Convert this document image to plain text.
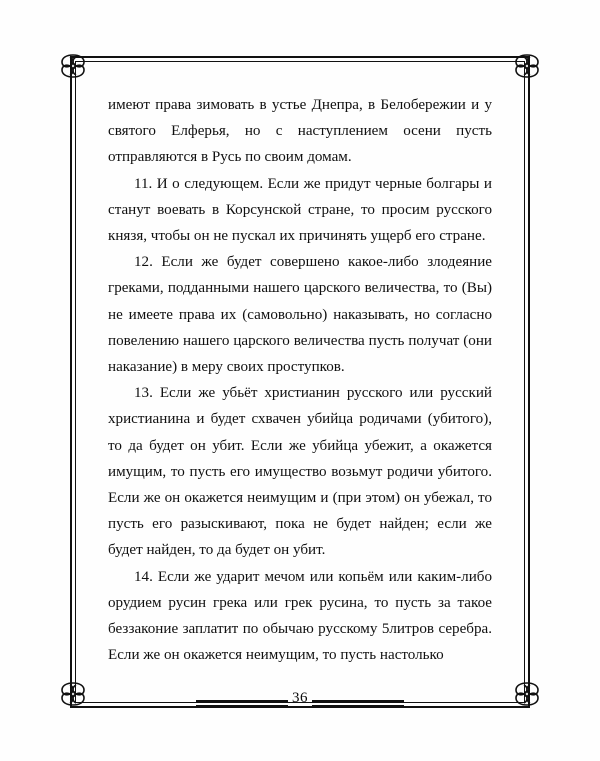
36

имеют права зимовать в устье Днепра, в Белобережии и у святого Елферья, но с наступлением осени пусть отправляются в Русь по своим домам.

11. И о следующем. Если же придут черные болгары и станут воевать в Корсунской стране, то просим русского князя, чтобы он не пускал их причинять ущерб его стране.

12. Если же будет совершено какое-либо злодеяние греками, подданными нашего царского величества, то (Вы) не имеете права их (самовольно) наказывать, но согласно повелению нашего царского величества пусть получат (они наказание) в меру своих проступков.

13. Если же убьёт христианин русского или русский христианина и будет схвачен убийца родичами (убитого), то да будет он убит. Если же убийца убежит, а окажется имущим, то пусть его имущество возьмут родичи убитого. Если же он окажется неимущим и (при этом) он убежал, то пусть его разыскивают, пока не будет найден; если же будет найден, то да будет он убит.

14. Если же ударит мечом или копьём или каким-либо орудием русин грека или грек русина, то пусть за такое беззаконие заплатит по обычаю русскому 5литров серебра. Если же он окажется неимущим, то пусть настолько
